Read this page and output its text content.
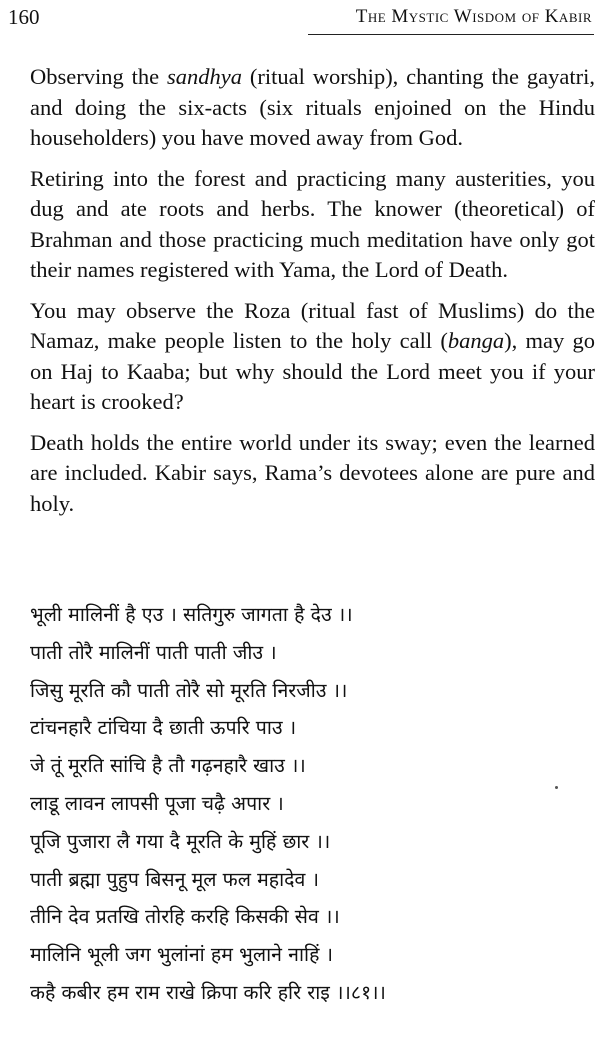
160	The Mystic Wisdom of Kabir

Observing the sandhya (ritual worship), chanting the gayatri, and doing the six-acts (six rituals enjoined on the Hindu householders) you have moved away from God.

Retiring into the forest and practicing many austerities, you dug and ate roots and herbs. The knower (theoretical) of Brahman and those practicing much meditation have only got their names registered with Yama, the Lord of Death.

You may observe the Roza (ritual fast of Muslims) do the Namaz, make people listen to the holy call (banga), may go on Haj to Kaaba; but why should the Lord meet you if your heart is crooked?

Death holds the entire world under its sway; even the learned are included. Kabir says, Rama’s devotees alone are pure and holy.

भूली मालिनीं है एउ । सतिगुरु जागता है देउ ।।
पाती तोरै मालिनीं पाती पाती जीउ ।
जिसु मूरति कौ पाती तोरै सो मूरति निरजीउ ।।
टांचनहारै टांचिया दै छाती ऊपरि पाउ ।
जे तूं मूरति सांचि है तौ गढ़नहारै खाउ ।।
लाडू लावन लापसी पूजा चढ़ै अपार ।
पूजि पुजारा लै गया दै मूरति के मुहिं छार ।।
पाती ब्रह्मा पुहुप बिसनू मूल फल महादेव ।
तीनि देव प्रतखि तोरहि करहि किसकी सेव ।।
मालिनि भूली जग भुलांनां हम भुलाने नाहिं ।
कहै कबीर हम राम राखे क्रिपा करि हरि राइ ।।८१।।
